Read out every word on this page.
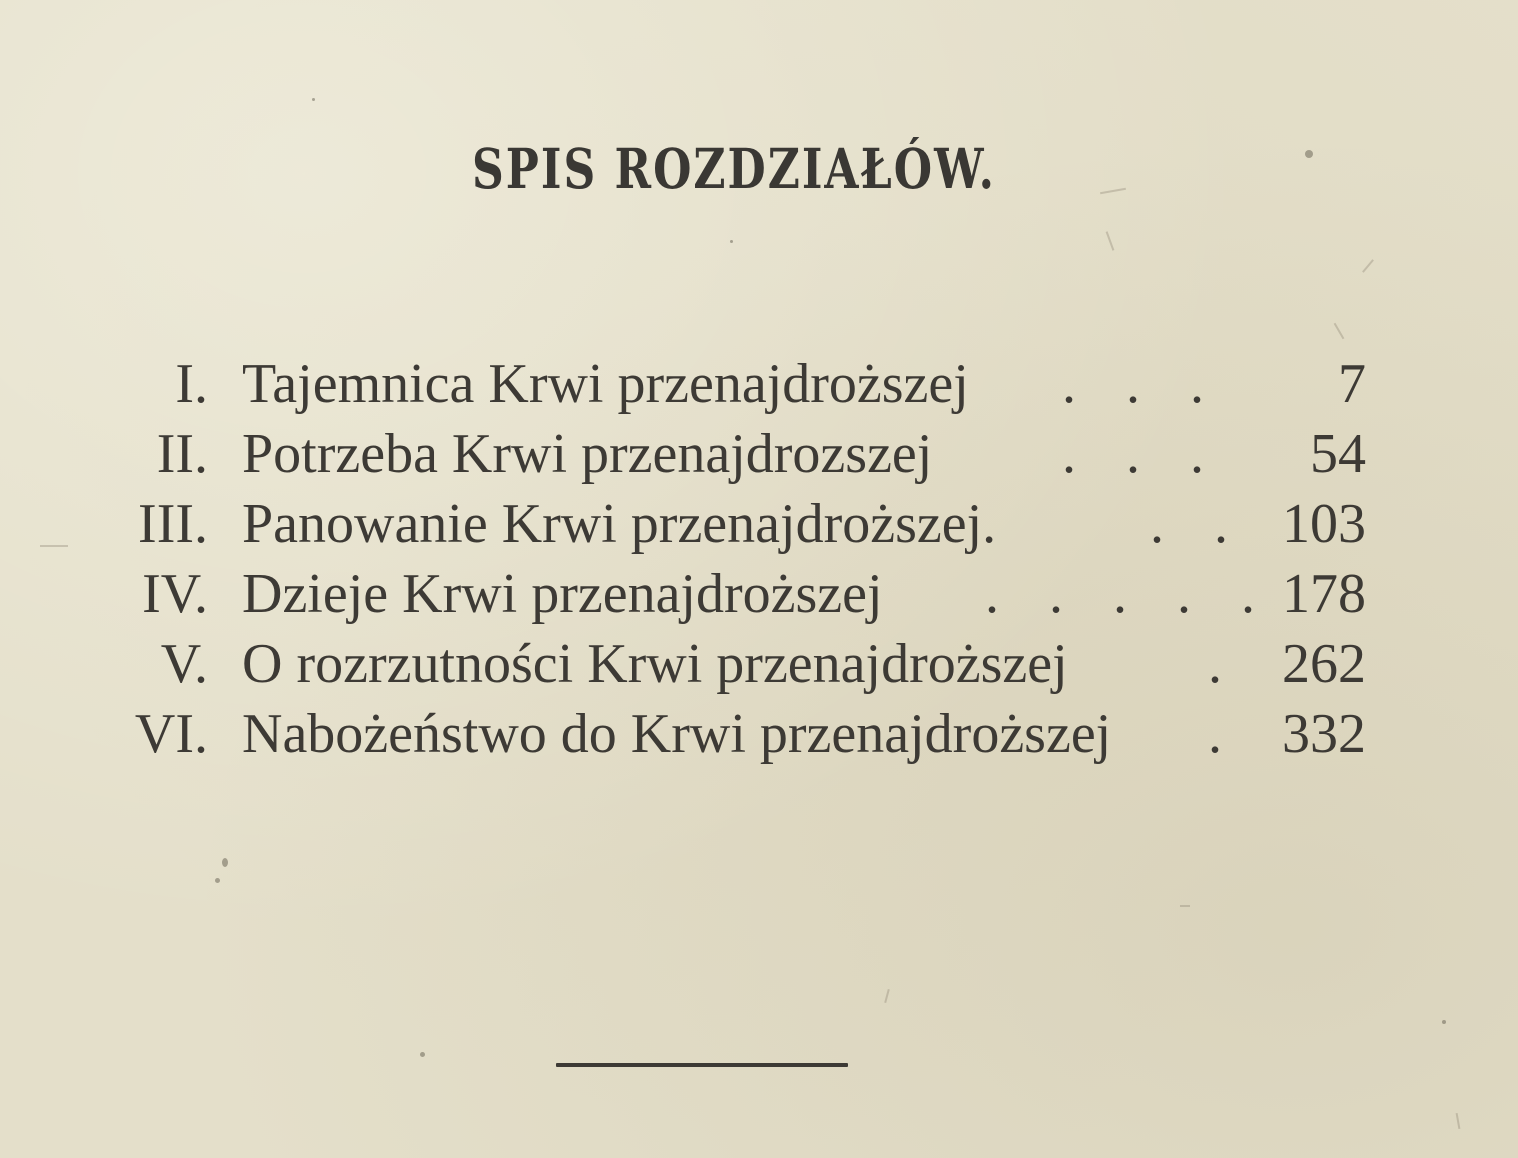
SPIS ROZDZIAŁÓW.
I. Tajemnica Krwi przenajdroższej . . . 7
II. Potrzeba Krwi przenajdrozszej . . . 54
III. Panowanie Krwi przenajdroższej.	. . 103
IV. Dzieje Krwi przenajdroższej . . . . . 178
V. O rozrzutności Krwi przenajdroższej	. 262
VI. Nabożeństwo do Krwi przenajdroższej . 332
